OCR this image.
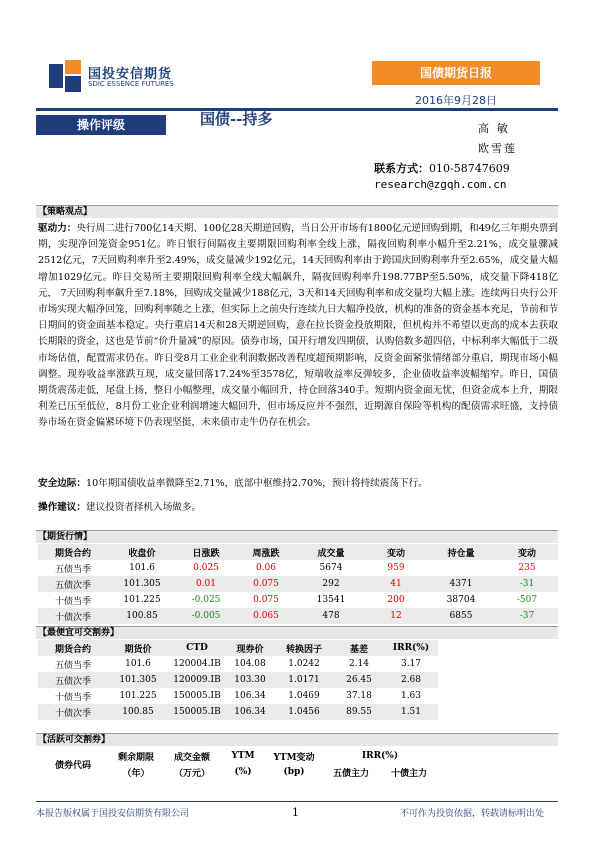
国投安信期货
SDIC ESSENCE FUTURES
国债期货日报
2016年9月28日
操作评级	国债--持多
高敏
欧雪莲
联系方式：010-58747609
research@zgqh.com.cn
【策略观点】
驱动力：央行周二进行700亿14天期、100亿28天期逆回购，当日公开市场有1800亿元逆回购到期，和49亿三年期央票到期，实现净回笼资金951亿。昨日银行间隔夜主要期限回购利率全线上涨，隔夜回购利率小幅升至2.21%，成交量骤减2512亿元，7天回购利率升至2.49%，成交量减少192亿元，14天回购利率由于跨国庆回购利率升至2.65%，成交量大幅增加1029亿元。昨日交易所主要期限回购利率全线大幅飙升，隔夜回购利率升198.77BP至5.50%，成交量下降418亿元， 7天回购利率飙升至7.18%，回购成交量减少188亿元，3天和14天回购利率和成交量均大幅上涨。连续两日央行公开市场实现大幅净回笼，回购利率随之上涨，但实际上之前央行连续九日大幅净投放，机构的准备的资金基本充足，节前和节日期间的资金面基本稳定。央行重启14天和28天期逆回购，意在拉长资金投放期限，但机构并不希望以更高的成本去获取长期限的资金，这也是节前“价升量减”的原因。债券市场，国开行增发四期债，认购倍数多超四倍，中标利率大幅低于二级市场估值，配置需求仍在。昨日受8月工业企业利润数据改善程度超预期影响，反资金面紧张情绪部分重启，期现市场小幅调整。现券收益率涨跌互现，成交量回落17.24%至3578亿，短端收益率反弹较多，企业债收益率波幅缩窄。昨日，国债期货震荡走低，尾盘上扬，整日小幅整理，成交量小幅回升，持仓回落340手。短期内资金面无忧，但资金成本上升，期限利差已压至低位，8月份工业企业利润增速大幅回升，但市场反应并不强烈，近期源自保险等机构的配债需求旺盛，支持债券市场在资金偏紧环境下仍表现坚挺，未来债市走牛仍存在机会。
安全边际：10年期国债收益率微降至2.71%，底部中枢维持2.70%，预计将持续震荡下行。
操作建议：建议投资者择机入场做多。
【期货行情】
期货合约	收盘价	日涨跌	周涨跌	成交量	变动	持仓量	变动
五债当季	101.6	0.025	0.06	5674	959		235
五债次季	101.305	0.01	0.075	292	41	4371	-31
十债当季	101.225	-0.025	0.075	13541	200	38704	-507
十债次季	100.85	-0.005	0.065	478	12	6855	-37
【最便宜可交割券】
期货合约	期货价	CTD	现券价	转换因子	基差	IRR(%)
五债当季	101.6	120004.IB	104.08	1.0242	2.14	3.17
五债次季	101.305	120009.IB	103.30	1.0171	26.45	2.68
十债当季	101.225	150005.IB	106.34	1.0469	37.18	1.63
十债次季	100.85	150005.IB	106.34	1.0456	89.55	1.51
【活跃可交割券】
债券代码	剩余期限	成交金额	YTM	YTM变动	IRR(%)	
	（年）	（万元）	(%)	(bp)	五债主力	十债主力
本报告版权属于国投安信期货有限公司	1	不可作为投资依据，转载请标明出处
